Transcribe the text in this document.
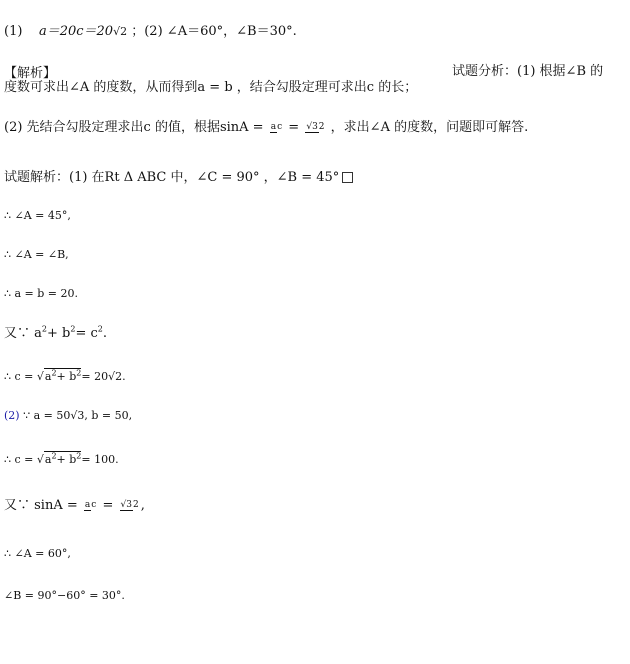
(1) a＝20c＝20√2 ；(2) ∠A＝60°，∠B＝30°.
【解析】	试题分析：(1) 根据∠B 的
度数可求出∠A 的度数，从而得到a = b ，结合勾股定理可求出c 的长；
(2) 先结合勾股定理求出c 的值，根据sinA = ac = √32 ，求出∠A 的度数，问题即可解答.
试题解析：(1) 在Rt Δ ABC 中，∠C = 90° ，∠B = 45°
∴ ∠A = 45°,
∴ ∠A = ∠B,
∴ a = b = 20.
又∵ $a^2+ b^2= c^2$.
∴ $c = √a^2+ b^2= 20√2$.
(2) ∵ a = 50√3, b = 50,
∴ $c = √a^2+ b^2= 100$.
又∵ sinA = ac = √32 ,
∴ ∠A = 60°,
∠B = 90°−60° = 30°.
